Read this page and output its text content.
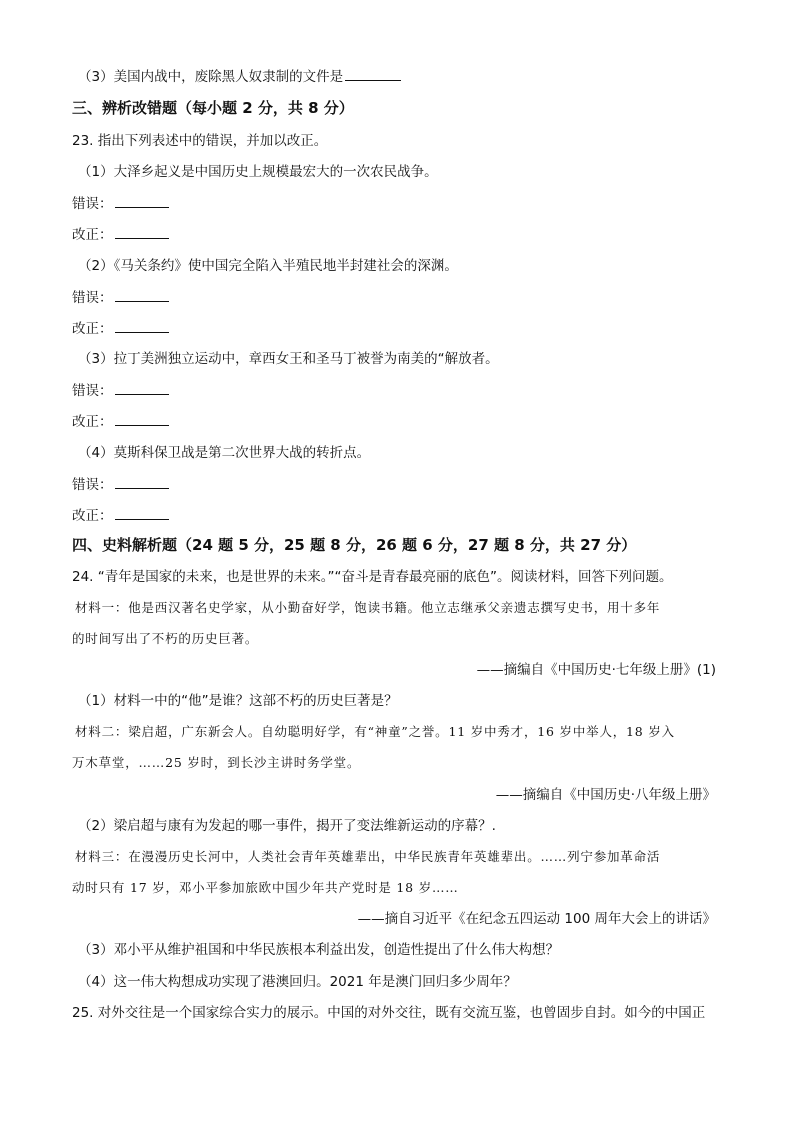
（3）美国内战中，废除黑人奴隶制的文件是
三、辨析改错题（每小题 2 分，共 8 分）
23. 指出下列表述中的错误，并加以改正。
（1）大泽乡起义是中国历史上规模最宏大的一次农民战争。
错误：
改正：
（2）《马关条约》使中国完全陷入半殖民地半封建社会的深渊。
错误：
改正：
（3）拉丁美洲独立运动中，章西女王和圣马丁被誉为南美的“解放者。
错误：
改正：
（4）莫斯科保卫战是第二次世界大战的转折点。
错误：
改正：
四、史料解析题（24 题 5 分，25 题 8 分，26 题 6 分，27 题 8 分，共 27 分）
24. “青年是国家的未来，也是世界的未来。”“奋斗是青春最亮丽的底色”。阅读材料，回答下列问题。
材料一：他是西汉著名史学家，从小勤奋好学，饱读书籍。他立志继承父亲遗志撰写史书，用十多年
的时间写出了不朽的历史巨著。
——摘编自《中国历史·七年级上册》(1)
（1）材料一中的“他”是谁？这部不朽的历史巨著是？
材料二：梁启超，广东新会人。自幼聪明好学，有“神童”之誉。11 岁中秀才，16 岁中举人，18 岁入
万木草堂，……25 岁时，到长沙主讲时务学堂。
——摘编自《中国历史·八年级上册》
（2）梁启超与康有为发起的哪一事件，揭开了变法维新运动的序幕？.
材料三：在漫漫历史长河中，人类社会青年英雄辈出，中华民族青年英雄辈出。……列宁参加革命活
动时只有 17 岁，邓小平参加旅欧中国少年共产党时是 18 岁……
——摘自习近平《在纪念五四运动 100 周年大会上的讲话》
（3）邓小平从维护祖国和中华民族根本利益出发，创造性提出了什么伟大构想？
（4）这一伟大构想成功实现了港澳回归。2021 年是澳门回归多少周年？
25. 对外交往是一个国家综合实力的展示。中国的对外交往，既有交流互鉴，也曾固步自封。如今的中国正
